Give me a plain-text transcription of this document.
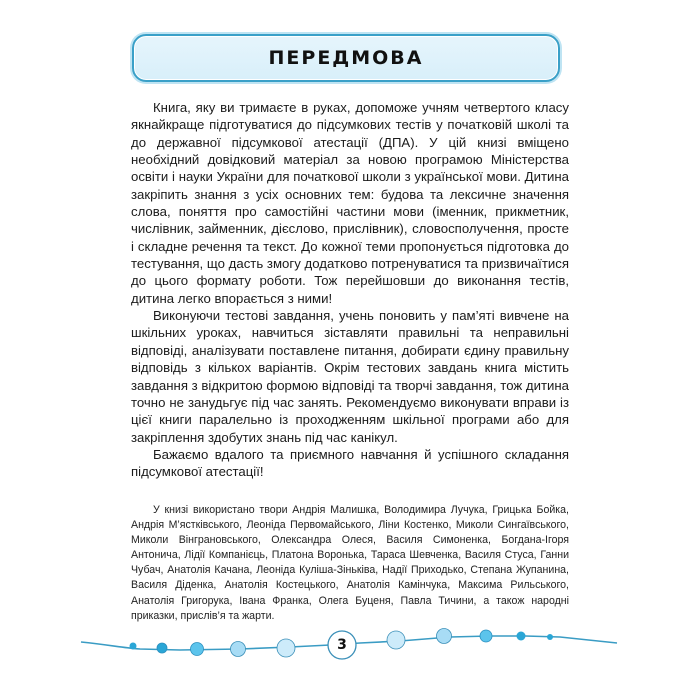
ПЕРЕДМОВА

Книга, яку ви тримаєте в руках, допоможе учням четвертого класу якнайкраще підготуватися до підсумкових тестів у початковій школі та до державної підсумкової атестації (ДПА). У цій книзі вміщено необхідний довідковий матеріал за новою програмою Міністерства освіти і науки України для початкової школи з української мови. Дитина закріпить знання з усіх основних тем: будова та лексичне значення слова, поняття про самостійні частини мови (іменник, прикметник, числівник, займенник, дієслово, прислівник), словосполучення, просте і складне речення та текст. До кожної теми пропонується підготовка до тестування, що дасть змогу додатково потренуватися та призвичаїтися до цього формату роботи. Тож перейшовши до виконання тестів, дитина легко впорається з ними!

Виконуючи тестові завдання, учень поновить у пам’яті вивчене на шкільних уроках, навчиться зіставляти правильні та неправильні відповіді, аналізувати поставлене питання, добирати єдину правильну відповідь з кількох варіантів. Окрім тестових завдань книга містить завдання з відкритою формою відповіді та творчі завдання, тож дитина точно не занудьгує під час занять. Рекомендуємо виконувати вправи із цієї книги паралельно із проходженням шкільної програми або для закріплення здобутих знань під час канікул.

Бажаємо вдалого та приємного навчання й успішного складання підсумкової атестації!

У книзі використано твори Андрія Малишка, Володимира Лучука, Грицька Бойка, Андрія М’ястківського, Леоніда Первомайського, Ліни Костенко, Миколи Сингаївського, Миколи Вінграновського, Олександра Олеся, Василя Симоненка, Богдана-Ігоря Антонича, Лідії Компанієць, Платона Воронька, Тараса Шевченка, Василя Стуса, Ганни Чубач, Анатолія Качана, Леоніда Куліша-Зіньківа, Надії Приходько, Степана Жупанина, Василя Діденка, Анатолія Костецького, Анатолія Камінчука, Максима Рильського, Анатолія Григорука, Івана Франка, Олега Буценя, Павла Тичини, а також народні приказки, прислів’я та жарти.

3
